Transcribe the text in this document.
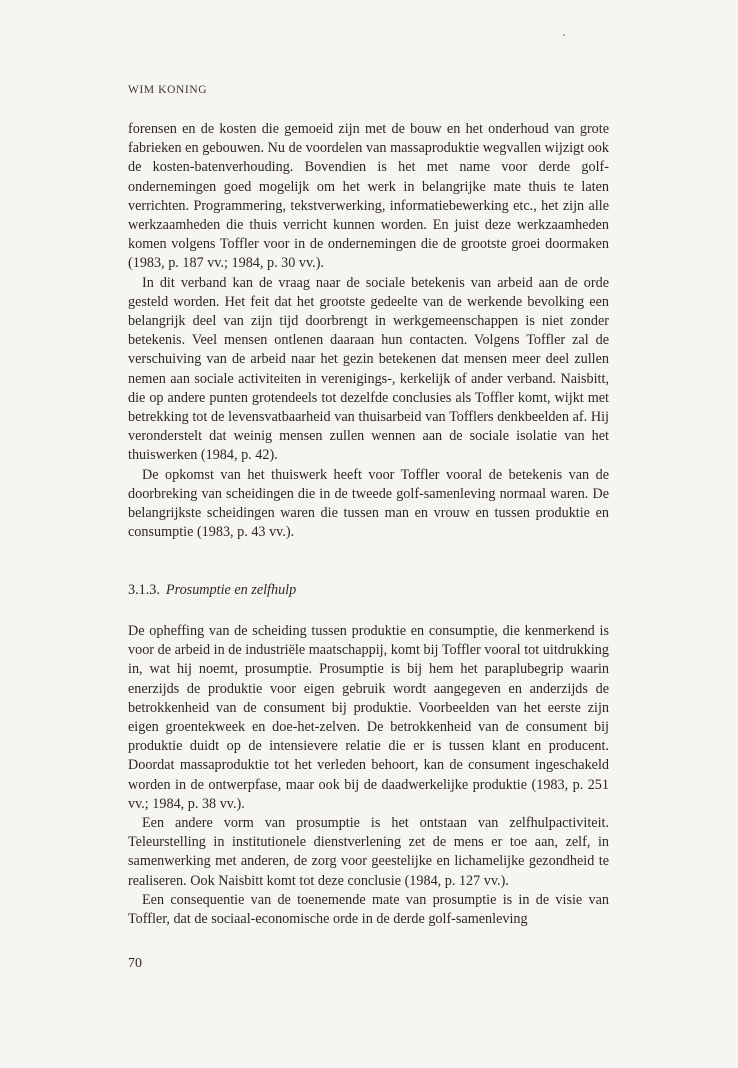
WIM KONING

forensen en de kosten die gemoeid zijn met de bouw en het onderhoud van grote fabrieken en gebouwen. Nu de voordelen van massaproduktie wegvallen wijzigt ook de kosten-batenverhouding. Bovendien is het met name voor derde golf-ondernemingen goed mogelijk om het werk in belangrijke mate thuis te laten verrichten. Programmering, tekstverwerking, informatiebewerking etc., het zijn alle werkzaamheden die thuis verricht kunnen worden. En juist deze werkzaamheden komen volgens Toffler voor in de ondernemingen die de grootste groei doormaken (1983, p. 187 vv.; 1984, p. 30 vv.).

In dit verband kan de vraag naar de sociale betekenis van arbeid aan de orde gesteld worden. Het feit dat het grootste gedeelte van de werkende bevolking een belangrijk deel van zijn tijd doorbrengt in werkgemeenschappen is niet zonder betekenis. Veel mensen ontlenen daaraan hun contacten. Volgens Toffler zal de verschuiving van de arbeid naar het gezin betekenen dat mensen meer deel zullen nemen aan sociale activiteiten in verenigings-, kerkelijk of ander verband. Naisbitt, die op andere punten grotendeels tot dezelfde conclusies als Toffler komt, wijkt met betrekking tot de levensvatbaarheid van thuisarbeid van Tofflers denkbeelden af. Hij veronderstelt dat weinig mensen zullen wennen aan de sociale isolatie van het thuiswerken (1984, p. 42).

De opkomst van het thuiswerk heeft voor Toffler vooral de betekenis van de doorbreking van scheidingen die in de tweede golf-samenleving normaal waren. De belangrijkste scheidingen waren die tussen man en vrouw en tussen produktie en consumptie (1983, p. 43 vv.).

3.1.3. Prosumptie en zelfhulp

De opheffing van de scheiding tussen produktie en consumptie, die kenmerkend is voor de arbeid in de industriële maatschappij, komt bij Toffler vooral tot uitdrukking in, wat hij noemt, prosumptie. Prosumptie is bij hem het paraplubegrip waarin enerzijds de produktie voor eigen gebruik wordt aangegeven en anderzijds de betrokkenheid van de consument bij produktie. Voorbeelden van het eerste zijn eigen groentekweek en doe-het-zelven. De betrokkenheid van de consument bij produktie duidt op de intensievere relatie die er is tussen klant en producent. Doordat massaproduktie tot het verleden behoort, kan de consument ingeschakeld worden in de ontwerpfase, maar ook bij de daadwerkelijke produktie (1983, p. 251 vv.; 1984, p. 38 vv.).

Een andere vorm van prosumptie is het ontstaan van zelfhulpactiviteit. Teleurstelling in institutionele dienstverlening zet de mens er toe aan, zelf, in samenwerking met anderen, de zorg voor geestelijke en lichamelijke gezondheid te realiseren. Ook Naisbitt komt tot deze conclusie (1984, p. 127 vv.).

Een consequentie van de toenemende mate van prosumptie is in de visie van Toffler, dat de sociaal-economische orde in de derde golf-samenleving

70
